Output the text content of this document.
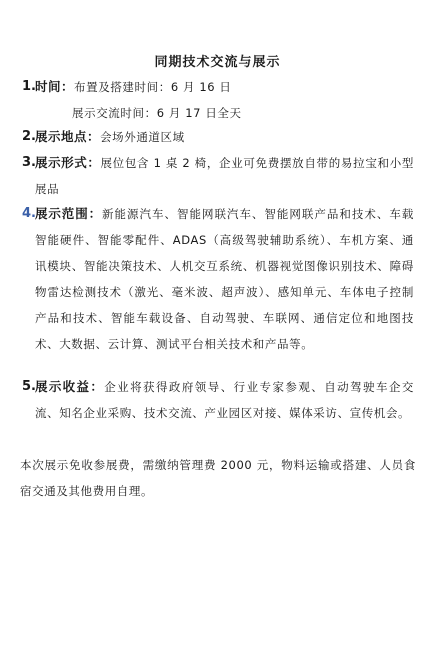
同期技术交流与展示
1. 时间：布置及搭建时间：6 月 16 日
展示交流时间：6 月 17 日全天
2. 展示地点：会场外通道区域
3. 展示形式：展位包含 1 桌 2 椅，企业可免费摆放自带的易拉宝和小型展品
4. 展示范围：新能源汽车、智能网联汽车、智能网联产品和技术、车载智能硬件、智能零配件、ADAS（高级驾驶辅助系统）、车机方案、通讯模块、智能决策技术、人机交互系统、机器视觉图像识别技术、障碍物雷达检测技术（激光、毫米波、超声波）、感知单元、车体电子控制产品和技术、智能车载设备、自动驾驶、车联网、通信定位和地图技术、大数据、云计算、测试平台相关技术和产品等。
5. 展示收益：企业将获得政府领导、行业专家参观、自动驾驶车企交流、知名企业采购、技术交流、产业园区对接、媒体采访、宣传机会。
本次展示免收参展费，需缴纳管理费 2000 元，物料运输或搭建、人员食宿交通及其他费用自理。
